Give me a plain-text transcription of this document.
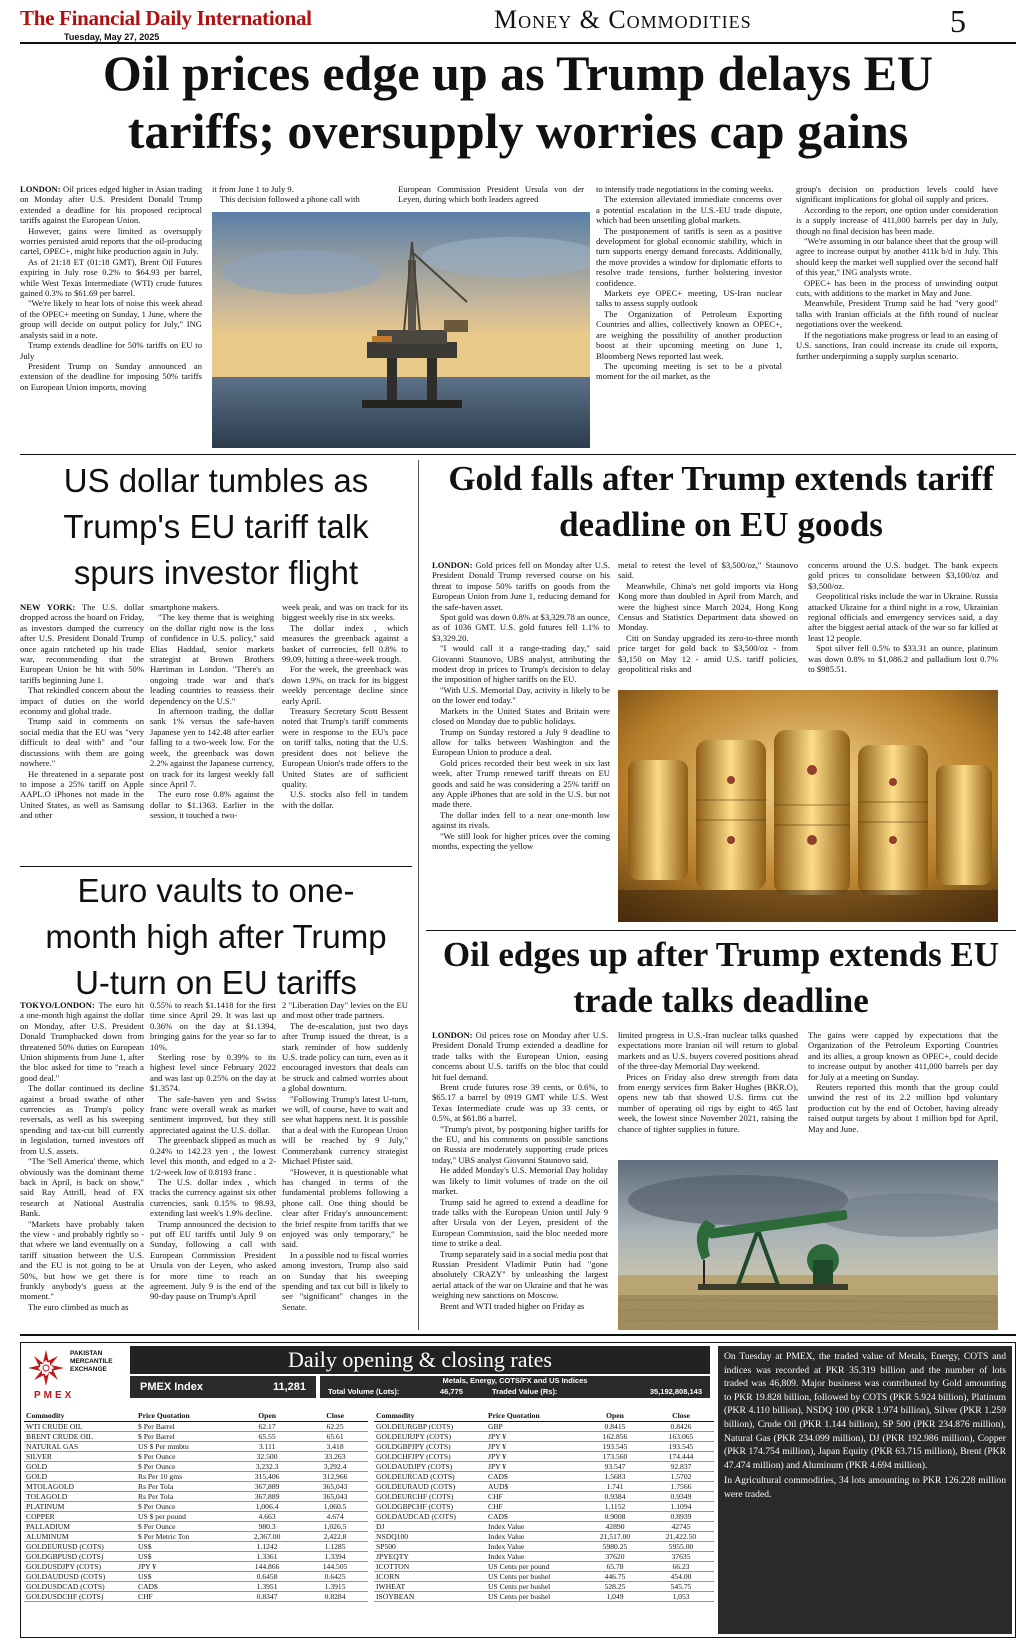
The Financial Daily International
Tuesday, May 27, 2025
Money & Commodities	5
Oil prices edge up as Trump delays EU tariffs; oversupply worries cap gains

LONDON: Oil prices edged higher in Asian trading on Monday after U.S. President Donald Trump extended a deadline for his proposed reciprocal tariffs against the European Union.

However, gains were limited as oversupply worries persisted amid reports that the oil-producing cartel, OPEC+, might hike production again in July.

As of 21:18 ET (01:18 GMT), Brent Oil Futures expiring in July rose 0.2% to $64.93 per barrel, while West Texas Intermediate (WTI) crude futures gained 0.3% to $61.69 per barrel.

"We're likely to hear lots of noise this week ahead of the OPEC+ meeting on Sunday, 1 June, where the group will decide on output policy for July," ING analysts said in a note.

Trump extends deadline for 50% tariffs on EU to July

President Trump on Sunday announced an extension of the deadline for imposing 50% tariffs on European Union imports, moving

it from June 1 to July 9.

This decision followed a phone call with

European Commission President Ursula von der Leyen, during which both leaders agreed

to intensify trade negotiations in the coming weeks.

The extension alleviated immediate concerns over a potential escalation in the U.S.-EU trade dispute, which had been unsettling global markets.

The postponement of tariffs is seen as a positive development for global economic stability, which in turn supports energy demand forecasts. Additionally, the move provides a window for diplomatic efforts to resolve trade tensions, further bolstering investor confidence.

Markets eye OPEC+ meeting, US-Iran nuclear talks to assess supply outlook

The Organization of Petroleum Exporting Countries and allies, collectively known as OPEC+, are weighing the possibility of another production boost at their upcoming meeting on June 1, Bloomberg News reported last week.

The upcoming meeting is set to be a pivotal moment for the oil market, as the

group's decision on production levels could have significant implications for global oil supply and prices.

According to the report, one option under consideration is a supply increase of 411,000 barrels per day in July, though no final decision has been made.

"We're assuming in our balance sheet that the group will agree to increase output by another 411k b/d in July. This should keep the market well supplied over the second half of this year," ING analysts wrote.

OPEC+ has been in the process of unwinding output cuts, with additions to the market in May and June.

Meanwhile, President Trump said he had "very good" talks with Iranian officials at the fifth round of nuclear negotiations over the weekend.

If the negotiations make progress or lead to an easing of U.S. sanctions, Iran could increase its crude oil exports, further underpinning a supply surplus scenario.

US dollar tumbles as Trump's EU tariff talk spurs investor flight

NEW YORK: The U.S. dollar dropped across the board on Friday, as investors dumped the currency after U.S. President Donald Trump once again ratcheted up his trade war, recommending that the European Union be hit with 50% tariffs beginning June 1.

That rekindled concern about the impact of duties on the world economy and global trade.

Trump said in comments on social media that the EU was "very difficult to deal with" and "our discussions with them are going nowhere."

He threatened in a separate post to impose a 25% tariff on Apple AAPL.O iPhones not made in the United States, as well as Samsung and other

smartphone makers.

"The key theme that is weighing on the dollar right now is the loss of confidence in U.S. policy," said Elias Haddad, senior markets strategist at Brown Brothers Harriman in London. "There's an ongoing trade war and that's leading countries to reassess their dependency on the U.S."

In afternoon trading, the dollar sank 1% versus the safe-haven Japanese yen to 142.48 after earlier falling to a two-week low. For the week, the greenback was down 2.2% against the Japanese currency, on track for its largest weekly fall since April 7.

The euro rose 0.8% against the dollar to $1.1363. Earlier in the session, it touched a two-

week peak, and was on track for its biggest weekly rise in six weeks.

The dollar index , which measures the greenback against a basket of currencies, fell 0.8% to 99.09, hitting a three-week trough.

For the week, the greenback was down 1.9%, on track for its biggest weekly percentage decline since early April.

Treasury Secretary Scott Bessent noted that Trump's tariff comments were in response to the EU's pace on tariff talks, noting that the U.S. president does not believe the European Union's trade offers to the United States are of sufficient quality.

U.S. stocks also fell in tandem with the dollar.

Gold falls after Trump extends tariff deadline on EU goods

LONDON: Gold prices fell on Monday after U.S. President Donald Trump reversed course on his threat to impose 50% tariffs on goods from the European Union from June 1, reducing demand for the safe-haven asset.

Spot gold was down 0.8% at $3,329.78 an ounce, as of 1036 GMT. U.S. gold futures fell 1.1% to $3,329.20.

"I would call it a range-trading day," said Giovanni Staunovo, UBS analyst, attributing the modest drop in prices to Trump's decision to delay the imposition of higher tariffs on the EU.

"With U.S. Memorial Day, activity is likely to be on the lower end today."

Markets in the United States and Britain were closed on Monday due to public holidays.

Trump on Sunday restored a July 9 deadline to allow for talks between Washington and the European Union to produce a deal.

Gold prices recorded their best week in six last week, after Trump renewed tariff threats on EU goods and said he was considering a 25% tariff on any Apple iPhones that are sold in the U.S. but not made there.

The dollar index fell to a near one-month low against its rivals.

"We still look for higher prices over the coming months, expecting the yellow

metal to retest the level of $3,500/oz," Staunovo said.

Meanwhile, China's net gold imports via Hong Kong more than doubled in April from March, and were the highest since March 2024, Hong Kong Census and Statistics Department data showed on Monday.

Citi on Sunday upgraded its zero-to-three month price target for gold back to $3,500/oz - from $3,150 on May 12 - amid U.S. tariff policies, geopolitical risks and

concerns around the U.S. budget. The bank expects gold prices to consolidate between $3,100/oz and $3,500/oz.

Geopolitical risks include the war in Ukraine. Russia attacked Ukraine for a third night in a row, Ukrainian regional officials and emergency services said, a day after the biggest aerial attack of the war so far killed at least 12 people.

Spot silver fell 0.5% to $33.31 an ounce, platinum was down 0.8% to $1,086.2 and palladium lost 0.7% to $985.51.

Euro vaults to one-month high after Trump U-turn on EU tariffs

TOKYO/LONDON: The euro hit a one-month high against the dollar on Monday, after U.S. President Donald Trumpbacked down from threatened 50% duties on European Union shipments from June 1, after the bloc asked for time to "reach a good deal."

The dollar continued its decline against a broad swathe of other currencies as Trump's policy reversals, as well as his sweeping spending and tax-cut bill currently in legislation, turned investors off from U.S. assets.

"The 'Sell America' theme, which obviously was the dominant theme back in April, is back on show," said Ray Attrill, head of FX research at National Australia Bank.

"Markets have probably taken the view - and probably rightly so - that where we land eventually on a tariff situation between the U.S. and the EU is not going to be at 50%, but how we get there is frankly anybody's guess at the moment."

The euro climbed as much as

0.55% to reach $1.1418 for the first time since April 29. It was last up 0.36% on the day at $1.1394, bringing gains for the year so far to 10%.

Sterling rose by 0.39% to its highest level since February 2022 and was last up 0.25% on the day at $1.3574.

The safe-haven yen and Swiss franc were overall weak as market sentiment improved, but they still appreciated against the U.S. dollar.

The greenback slipped as much as 0.24% to 142.23 yen , the lowest level this month, and edged to a 2-1/2-week low of 0.8193 franc .

The U.S. dollar index , which tracks the currency against six other currencies, sank 0.15% to 98.93, extending last week's 1.9% decline.

Trump announced the decision to put off EU tariffs until July 9 on Sunday, following a call with European Commission President Ursula von der Leyen, who asked for more time to reach an agreement. July 9 is the end of the 90-day pause on Trump's April

2 "Liberation Day" levies on the EU and most other trade partners.

The de-escalation, just two days after Trump issued the threat, is a stark reminder of how suddenly U.S. trade policy can turn, even as it encouraged investors that deals can be struck and calmed worries about a global downturn.

"Following Trump's latest U-turn, we will, of course, have to wait and see what happens next. It is possible that a deal with the European Union will be reached by 9 July," Commerzbank currency strategist Michael Pfister said.

"However, it is questionable what has changed in terms of the fundamental problems following a phone call. One thing should be clear after Friday's announcement: the brief respite from tariffs that we enjoyed was only temporary," he said.

In a possible nod to fiscal worries among investors, Trump also said on Sunday that his sweeping spending and tax cut bill is likely to see "significant" changes in the Senate.

Oil edges up after Trump extends EU trade talks deadline

LONDON: Oil prices rose on Monday after U.S. President Donald Trump extended a deadline for trade talks with the European Union, easing concerns about U.S. tariffs on the bloc that could hit fuel demand.

Brent crude futures rose 39 cents, or 0.6%, to $65.17 a barrel by 0919 GMT while U.S. West Texas Intermediate crude was up 33 cents, or 0.5%, at $61.86 a barrel.

"Trump's pivot, by postponing higher tariffs for the EU, and his comments on possible sanctions on Russia are moderately supporting crude prices today," UBS analyst Giovanni Staunovo said.

He added Monday's U.S. Memorial Day holiday was likely to limit volumes of trade on the oil market.

Trump said he agreed to extend a deadline for trade talks with the European Union until July 9 after Ursula von der Leyen, president of the European Commission, said the bloc needed more time to strike a deal.

Trump separately said in a social media post that Russian President Vladimir Putin had "gone absolutely CRAZY" by unleashing the largest aerial attack of the war on Ukraine and that he was weighing new sanctions on Moscow.

Brent and WTI traded higher on Friday as

limited progress in U.S.-Iran nuclear talks quashed expectations more Iranian oil will return to global markets and as U.S. buyers covered positions ahead of the three-day Memorial Day weekend.

Prices on Friday also drew strength from data from energy services firm Baker Hughes (BKR.O), opens new tab that showed U.S. firms cut the number of operating oil rigs by eight to 465 last week, the lowest since November 2021, raising the chance of tighter supplies in future.

The gains were capped by expectations that the Organization of the Petroleum Exporting Countries and its allies, a group known as OPEC+, could decide to increase output by another 411,000 barrels per day for July at a meeting on Sunday.

Reuters reported this month that the group could unwind the rest of its 2.2 million bpd voluntary production cut by the end of October, having already raised output targets by about 1 million bpd for April, May and June.

PAKISTAN
MERCANTILE
EXCHANGE
PMEX
Daily opening & closing rates
PMEX Index	11,281
Metals, Energy, COTS/FX and US Indices
Total Volume (Lots):	46,775	Traded Value (Rs):	35,192,808,143
Commodity	Price Quotation	Open	Close
WTI CRUDE OIL	$ Per Barrel	62.17	62.25
BRENT CRUDE OIL	$ Per Barrel	65.55	65.61
NATURAL GAS	US $ Per mmbtu	3.111	3.418
SILVER	$ Per Ounce	32.500	33.263
GOLD	$ Per Ounce	3,232.3	3,292.4
GOLD	Rs Per 10 gms	315,406	312,966
MTOLAGOLD	Rs Per Tola	367,889	365,043
TOLAGOLD	Rs Per Tola	367,889	365,043
PLATINUM	$ Per Ounce	1,006.4	1,060.5
COPPER	US $ per pound	4.663	4.674
PALLADIUM	$ Per Ounce	980.3	1,026.5
ALUMINUM	$ Per Metric Ton	2,367.00	2,422.8
GOLDEURUSD (COTS)	US$	1.1242	1.1285
GOLDGBPUSD (COTS)	US$	1.3361	1.3394
GOLDUSDJPY (COTS)	JPY ¥	144.866	144.505
GOLDAUDUSD (COTS)	US$	0.6458	0.6425
GOLDUSDCAD (COTS)	CAD$	1.3951	1.3915
GOLDUSDCHF (COTS)	CHF	0.8347	0.8284
Commodity	Price Quotation	Open	Close
GOLDEURGBP (COTS)	GBP	0.8415	0.8426
GOLDEURJPY (COTS)	JPY ¥	162.856	163.065
GOLDGBPJPY (COTS)	JPY ¥	193.545	193.545
GOLDCHFJPY (COTS)	JPY ¥	173.560	174.444
GOLDAUDJPY (COTS)	JPY ¥	93.547	92.837
GOLDEURCAD (COTS)	CAD$	1.5683	1.5702
GOLDEURAUD (COTS)	AUD$	1.741	1.7566
GOLDEURCHF (COTS)	CHF	0.9384	0.9349
GOLDGBPCHF (COTS)	CHF	1.1152	1.1094
GOLDAUDCAD (COTS)	CAD$	0.9008	0.8939
DJ	Index Value	42890	42745
NSDQ100	Index Value	21,517.00	21,422.50
SP500	Index Value	5980.25	5955.00
JPYEQTY	Index Value	37620	37635
ICOTTON	US Cents per pound	65.78	66.23
ICORN	US Cents per bushel	446.75	454.00
IWHEAT	US Cents per bushel	528.25	545.75
ISOYBEAN	US Cents per bushel	1,049	1,053
On Tuesday at PMEX, the traded value of Metals, Energy, COTS and indices was recorded at PKR 35.319 billion and the number of lots traded was 46,809. Major business was contributed by Gold amounting to PKR 19.828 billion, followed by COTS (PKR 5.924 billion), Platinum (PKR 4.110 billion), NSDQ 100 (PKR 1.974 billion), Silver (PKR 1.259 billion), Crude Oil (PKR 1.144 billion), SP 500 (PKR 234.876 million), Natural Gas (PKR 234.099 million), DJ (PKR 192.986 million), Copper (PKR 174.754 million), Japan Equity (PKR 63.715 million), Brent (PKR 47.474 million) and Aluminum (PKR 4.694 million).
In Agricultural commodities, 34 lots amounting to PKR 126.228 million were traded.
